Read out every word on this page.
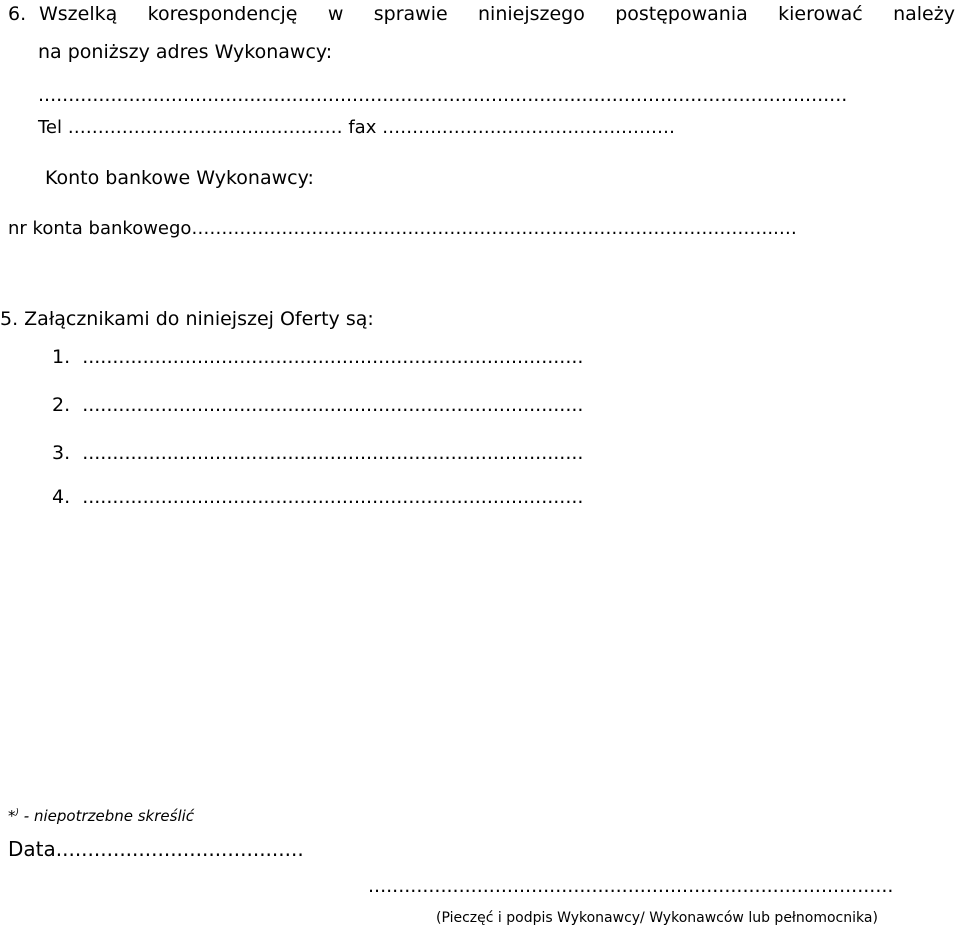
6. Wszelką korespondencję w sprawie niniejszego postępowania kierować należy
na poniższy adres Wykonawcy:
......................................................................................................................................
Tel ……………………..……..………… fax ……….………..……………….………
Konto bankowe Wykonawcy:
nr konta bankowego……………………………………………………………………………………..…
5. Załącznikami do niniejszej Oferty są:
1. ...................................................................................
2. ...................................................................................
3. ...................................................................................
4. ...................................................................................
*) - niepotrzebne skreślić
Data.......................................
.......................................................................................
(Pieczęć i podpis Wykonawcy/ Wykonawców lub pełnomocnika)
